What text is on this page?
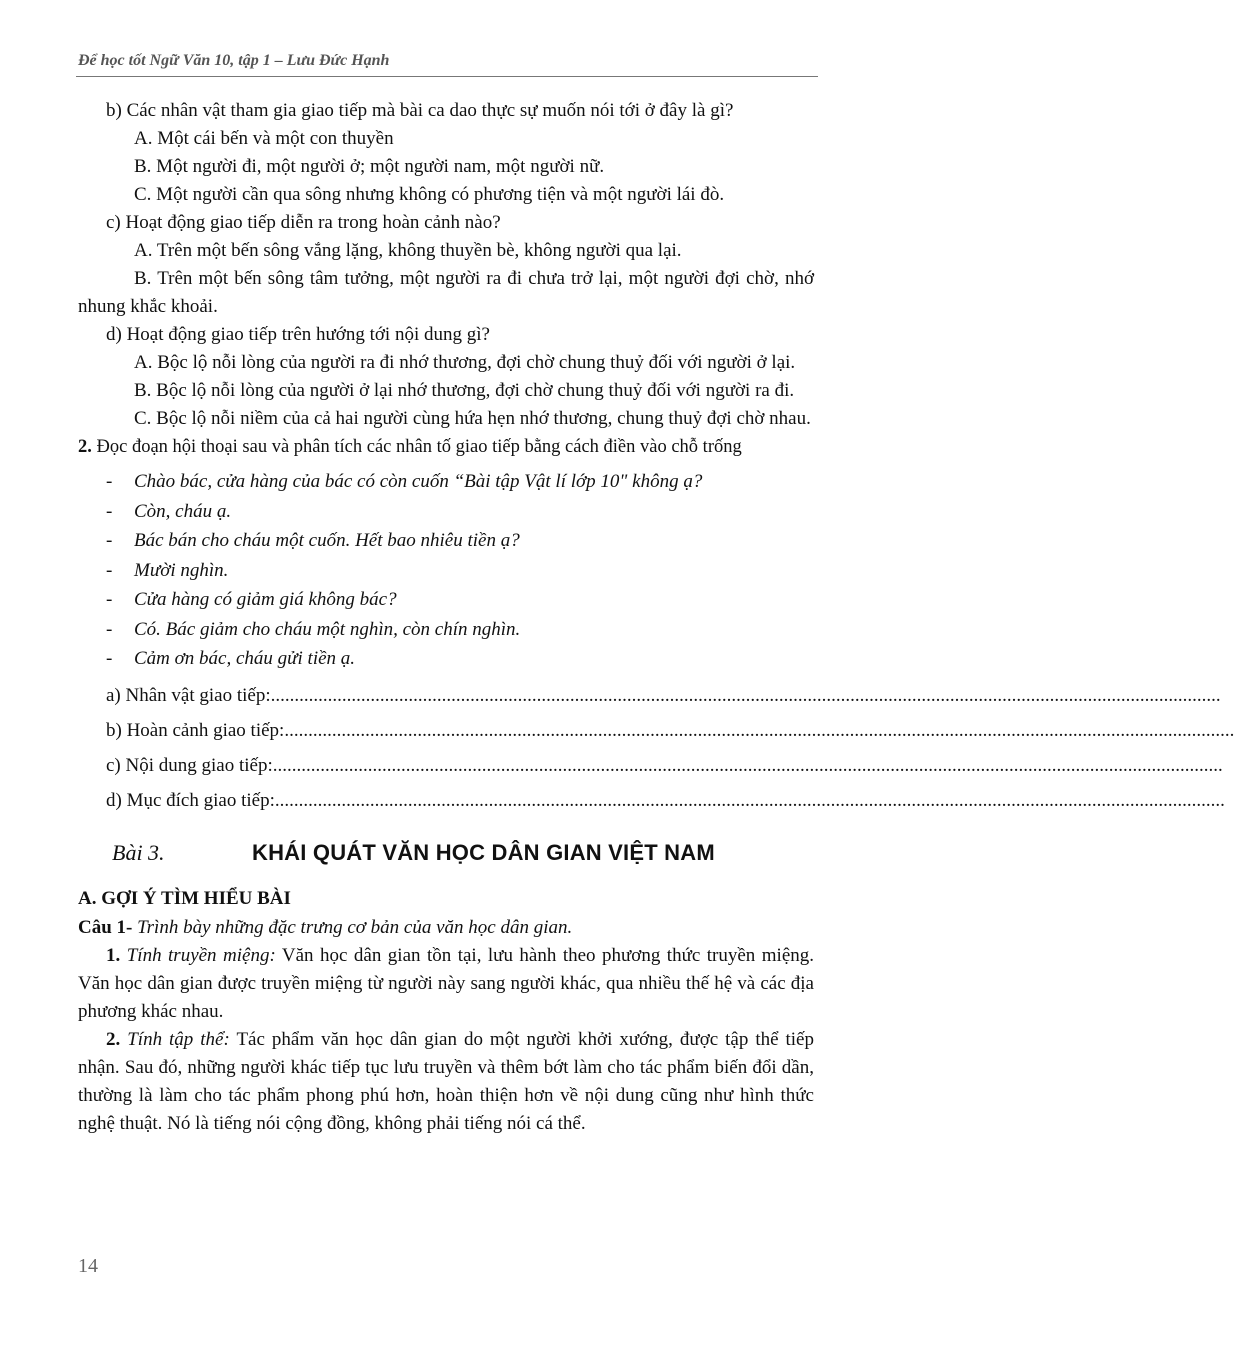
Để học tốt Ngữ Văn 10, tập 1 – Lưu Đức Hạnh

b) Các nhân vật tham gia giao tiếp mà bài ca dao thực sự muốn nói tới ở đây là gì?

A. Một cái bến và một con thuyền

B. Một người đi, một người ở; một người nam, một người nữ.

C. Một người cần qua sông nhưng không có phương tiện và một người lái đò.

c) Hoạt động giao tiếp diễn ra trong hoàn cảnh nào?

A. Trên một bến sông vắng lặng, không thuyền bè, không người qua lại.

B. Trên một bến sông tâm tưởng, một người ra đi chưa trở lại, một người đợi chờ, nhớ nhung khắc khoải.

d) Hoạt động giao tiếp trên hướng tới nội dung gì?

A. Bộc lộ nỗi lòng của người ra đi nhớ thương, đợi chờ chung thuỷ đối với người ở lại.

B. Bộc lộ nỗi lòng của người ở lại nhớ thương, đợi chờ chung thuỷ đối với người ra đi.

C. Bộc lộ nỗi niềm của cả hai người cùng hứa hẹn nhớ thương, chung thuỷ đợi chờ nhau.

2. Đọc đoạn hội thoại sau và phân tích các nhân tố giao tiếp bằng cách điền vào chỗ trống

-	Chào bác, cửa hàng của bác có còn cuốn “Bài tập Vật lí lớp 10" không ạ?
-	Còn, cháu ạ.
-	Bác bán cho cháu một cuốn. Hết bao nhiêu tiền ạ?
-	Mười nghìn.
-	Cửa hàng có giảm giá không bác?
-	Có. Bác giảm cho cháu một nghìn, còn chín nghìn.
-	Cảm ơn bác, cháu gửi tiền ạ.
a) Nhân vật giao tiếp: ........................................................................................................................................................................................................
b) Hoàn cảnh giao tiếp: ........................................................................................................................................................................................................
c) Nội dung giao tiếp: ........................................................................................................................................................................................................
d) Mục đích giao tiếp: ........................................................................................................................................................................................................
Bài 3.	KHÁI QUÁT VĂN HỌC DÂN GIAN VIỆT NAM
A. GỢI Ý TÌM HIỂU BÀI

Câu 1- Trình bày những đặc trưng cơ bản của văn học dân gian.

1. Tính truyền miệng: Văn học dân gian tồn tại, lưu hành theo phương thức truyền miệng. Văn học dân gian được truyền miệng từ người này sang người khác, qua nhiều thế hệ và các địa phương khác nhau.

2. Tính tập thể: Tác phẩm văn học dân gian do một người khởi xướng, được tập thể tiếp nhận. Sau đó, những người khác tiếp tục lưu truyền và thêm bớt làm cho tác phẩm biến đổi dần, thường là làm cho tác phẩm phong phú hơn, hoàn thiện hơn về nội dung cũng như hình thức nghệ thuật. Nó là tiếng nói cộng đồng, không phải tiếng nói cá thể.

14
